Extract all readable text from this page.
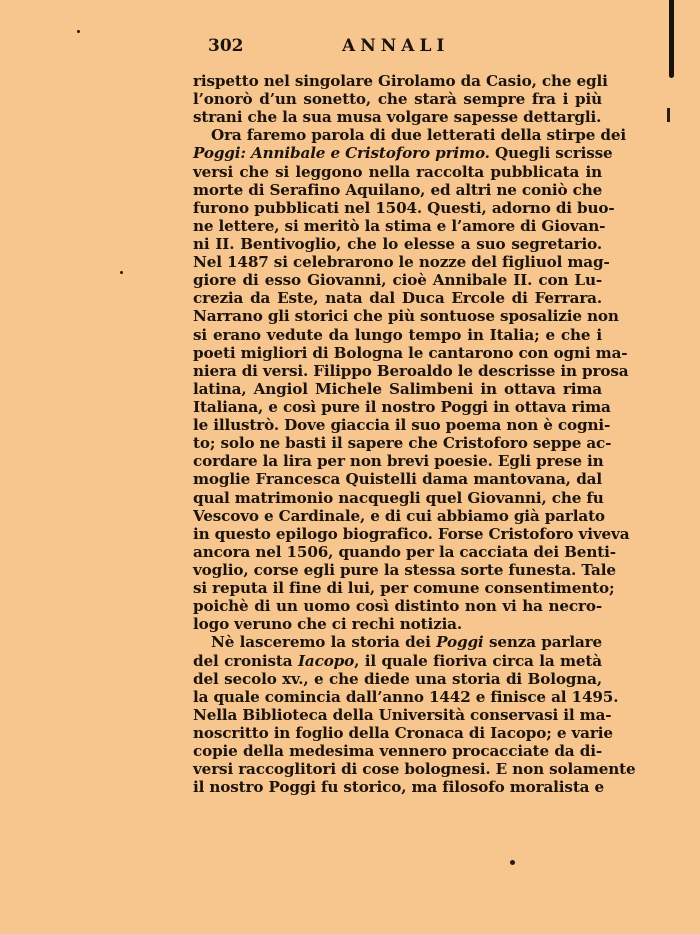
302	ANNALI
rispetto nel singolare Girolamo da Casio, che egli
l’onorò d’un sonetto, che starà sempre fra i più
strani che la sua musa volgare sapesse dettargli.
Ora faremo parola di due letterati della stirpe dei
Poggi: Annibale e Cristoforo primo. Quegli scrisse
versi che si leggono nella raccolta pubblicata in
morte di Serafino Aquilano, ed altri ne coniò che
furono pubblicati nel 1504. Questi, adorno di buo-
ne lettere, si meritò la stima e l’amore di Giovan-
ni II. Bentivoglio, che lo elesse a suo segretario.
Nel 1487 si celebrarono le nozze del figliuol mag-
giore di esso Giovanni, cioè Annibale II. con Lu-
crezia da Este, nata dal Duca Ercole di Ferrara.
Narrano gli storici che più sontuose sposalizie non
si erano vedute da lungo tempo in Italia; e che i
poeti migliori di Bologna le cantarono con ogni ma-
niera di versi. Filippo Beroaldo le descrisse in prosa
latina, Angiol Michele Salimbeni in ottava rima
Italiana, e così pure il nostro Poggi in ottava rima
le illustrò. Dove giaccia il suo poema non è cogni-
to; solo ne basti il sapere che Cristoforo seppe ac-
cordare la lira per non brevi poesie. Egli prese in
moglie Francesca Quistelli dama mantovana, dal
qual matrimonio nacquegli quel Giovanni, che fu
Vescovo e Cardinale, e di cui abbiamo già parlato
in questo epilogo biografico. Forse Cristoforo viveva
ancora nel 1506, quando per la cacciata dei Benti-
voglio, corse egli pure la stessa sorte funesta. Tale
si reputa il fine di lui, per comune consentimento;
poichè di un uomo così distinto non vi ha necro-
logo veruno che ci rechi notizia.
Nè lasceremo la storia dei Poggi senza parlare
del cronista Iacopo, il quale fioriva circa la metà
del secolo xv., e che diede una storia di Bologna,
la quale comincia dall’anno 1442 e finisce al 1495.
Nella Biblioteca della Università conservasi il ma-
noscritto in foglio della Cronaca di Iacopo; e varie
copie della medesima vennero procacciate da di-
versi raccoglitori di cose bolognesi. E non solamente
il nostro Poggi fu storico, ma filosofo moralista e
